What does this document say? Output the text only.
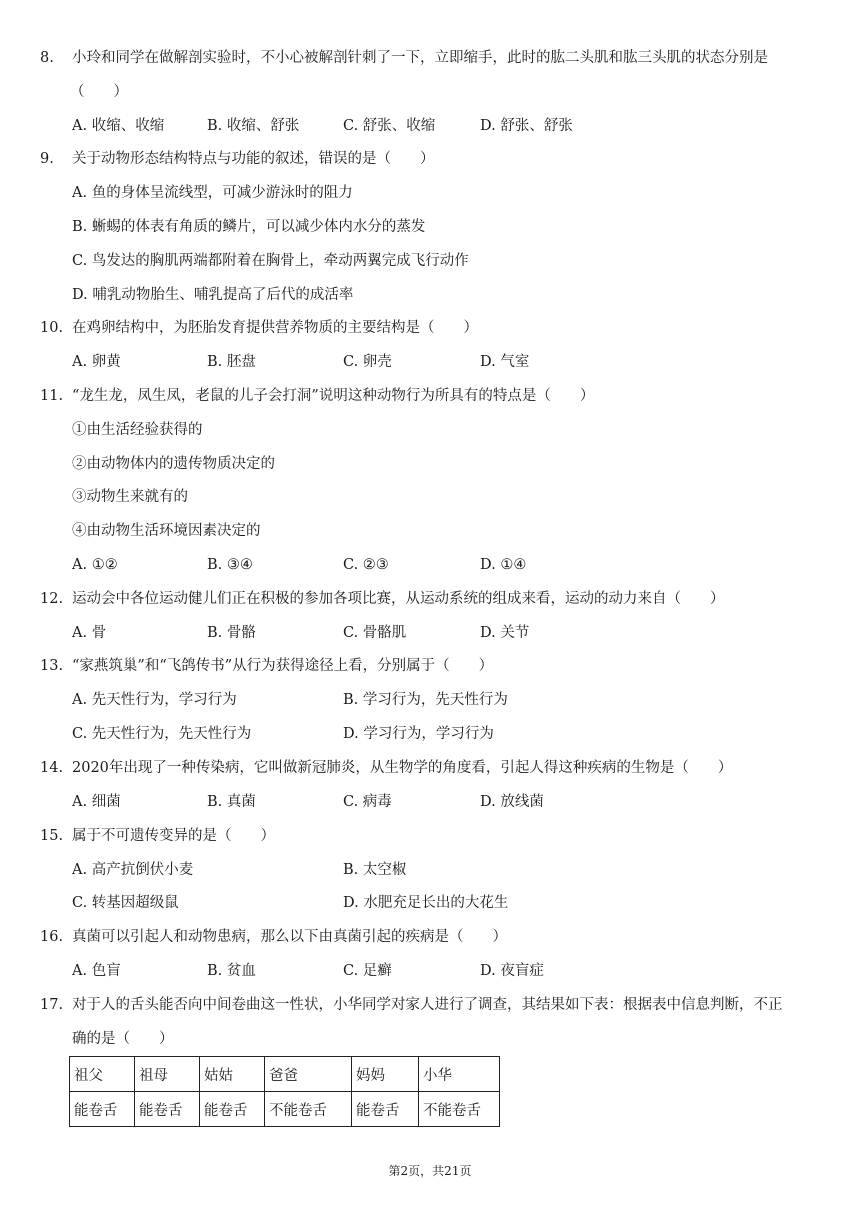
8. 小玲和同学在做解剖实验时，不小心被解剖针刺了一下，立即缩手，此时的肱二头肌和肱三头肌的状态分别是
（　　）
A. 收缩、收缩	B. 收缩、舒张	C. 舒张、收缩	D. 舒张、舒张
9. 关于动物形态结构特点与功能的叙述，错误的是（　　）
A. 鱼的身体呈流线型，可减少游泳时的阻力
B. 蜥蜴的体表有角质的鳞片，可以减少体内水分的蒸发
C. 鸟发达的胸肌两端都附着在胸骨上，牵动两翼完成飞行动作
D. 哺乳动物胎生、哺乳提高了后代的成活率
10. 在鸡卵结构中，为胚胎发育提供营养物质的主要结构是（　　）
A. 卵黄	B. 胚盘	C. 卵壳	D. 气室
11. “龙生龙，凤生凤，老鼠的儿子会打洞”说明这种动物行为所具有的特点是（　　）
①由生活经验获得的
②由动物体内的遗传物质决定的
③动物生来就有的
④由动物生活环境因素决定的
A. ①②	B. ③④	C. ②③	D. ①④
12. 运动会中各位运动健儿们正在积极的参加各项比赛，从运动系统的组成来看，运动的动力来自（　　）
A. 骨	B. 骨骼	C. 骨骼肌	D. 关节
13. “家燕筑巢”和“飞鸽传书”从行为获得途径上看，分别属于（　　）
A. 先天性行为，学习行为	B. 学习行为，先天性行为
C. 先天性行为，先天性行为	D. 学习行为，学习行为
14. 2020年出现了一种传染病，它叫做新冠肺炎，从生物学的角度看，引起人得这种疾病的生物是（　　）
A. 细菌	B. 真菌	C. 病毒	D. 放线菌
15. 属于不可遗传变异的是（　　）
A. 高产抗倒伏小麦	B. 太空椒
C. 转基因超级鼠	D. 水肥充足长出的大花生
16. 真菌可以引起人和动物患病，那么以下由真菌引起的疾病是（　　）
A. 色盲	B. 贫血	C. 足癣	D. 夜盲症
17. 对于人的舌头能否向中间卷曲这一性状，小华同学对家人进行了调查，其结果如下表：根据表中信息判断，不正
确的是（　　）
祖父	祖母	姑姑	爸爸	妈妈	小华
能卷舌	能卷舌	能卷舌	不能卷舌	能卷舌	不能卷舌
第2页，共21页
